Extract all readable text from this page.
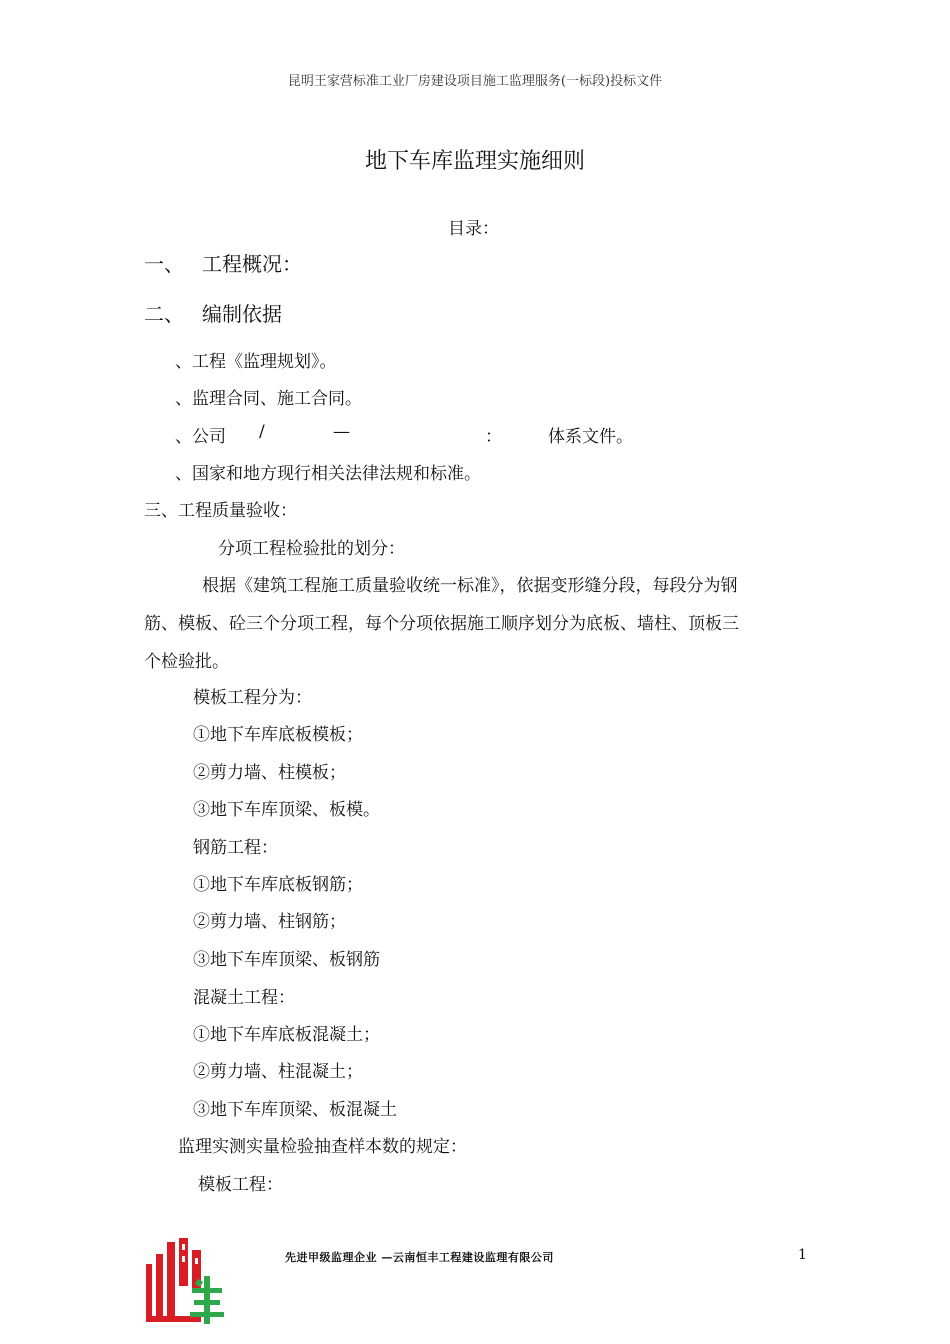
昆明王家营标准工业厂房建设项目施工监理服务(一标段)投标文件
地下车库监理实施细则
目录：
一、 工程概况：
二、 编制依据
、工程《监理规划》。
、监理合同、施工合同。
、公司 /	—	：	体系文件。
、国家和地方现行相关法律法规和标准。
三、工程质量验收：
分项工程检验批的划分：
根据《建筑工程施工质量验收统一标准》，依据变形缝分段，每段分为钢
筋、模板、砼三个分项工程，每个分项依据施工顺序划分为底板、墙柱、顶板三
个检验批。
模板工程分为：
①地下车库底板模板；
②剪力墙、柱模板；
③地下车库顶梁、板模。
钢筋工程：
①地下车库底板钢筋；
②剪力墙、柱钢筋；
③地下车库顶梁、板钢筋
混凝土工程：
①地下车库底板混凝土；
②剪力墙、柱混凝土；
③地下车库顶梁、板混凝土
监理实测实量检验抽查样本数的规定：
模板工程：
先进甲级监理企业 —云南恒丰工程建设监理有限公司	1
